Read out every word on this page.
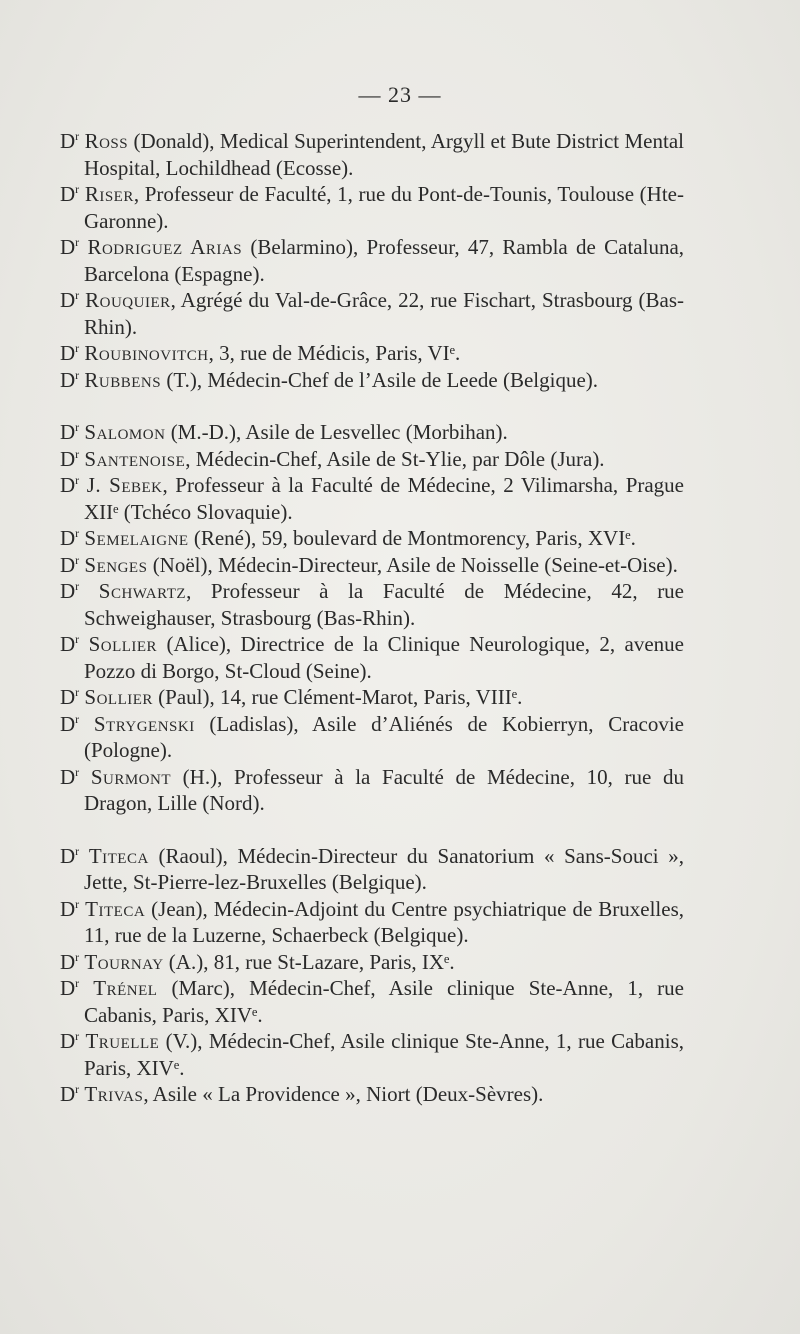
— 23 —

$D^r$ Ross (Donald), Medical Superintendent, Argyll et Bute District Mental Hospital, Lochildhead (Ecosse).

$D^r$ Riser, Professeur de Faculté, 1, rue du Pont-de-Tounis, Toulouse (Hte-Garonne).

$D^r$ Rodriguez Arias (Belarmino), Professeur, 47, Rambla de Cataluna, Barcelona (Espagne).

$D^r$ Rouquier, Agrégé du Val-de-Grâce, 22, rue Fischart, Strasbourg (Bas-Rhin).

$D^r$ Roubinovitch, 3, rue de Médicis, Paris, VIᵉ.

$D^r$ Rubbens (T.), Médecin-Chef de l’Asile de Leede (Belgique).

$D^r$ Salomon (M.-D.), Asile de Lesvellec (Morbihan).

$D^r$ Santenoise, Médecin-Chef, Asile de St-Ylie, par Dôle (Jura).

$D^r$ J. Sebek, Professeur à la Faculté de Médecine, 2 Vilimarsha, Prague XIIᵉ (Tchéco Slovaquie).

$D^r$ Semelaigne (René), 59, boulevard de Montmorency, Paris, XVIᵉ.

$D^r$ Senges (Noël), Médecin-Directeur, Asile de Noisselle (Seine-et-Oise).

$D^r$ Schwartz, Professeur à la Faculté de Médecine, 42, rue Schweighauser, Strasbourg (Bas-Rhin).

$D^r$ Sollier (Alice), Directrice de la Clinique Neurologique, 2, avenue Pozzo di Borgo, St-Cloud (Seine).

$D^r$ Sollier (Paul), 14, rue Clément-Marot, Paris, VIIIᵉ.

$D^r$ Strygenski (Ladislas), Asile d’Aliénés de Kobierryn, Cracovie (Pologne).

$D^r$ Surmont (H.), Professeur à la Faculté de Médecine, 10, rue du Dragon, Lille (Nord).

$D^r$ Titeca (Raoul), Médecin-Directeur du Sanatorium « Sans-Souci », Jette, St-Pierre-lez-Bruxelles (Belgique).

$D^r$ Titeca (Jean), Médecin-Adjoint du Centre psychiatrique de Bruxelles, 11, rue de la Luzerne, Schaerbeck (Belgique).

$D^r$ Tournay (A.), 81, rue St-Lazare, Paris, IXᵉ.

$D^r$ Trénel (Marc), Médecin-Chef, Asile clinique Ste-Anne, 1, rue Cabanis, Paris, XIVᵉ.

$D^r$ Truelle (V.), Médecin-Chef, Asile clinique Ste-Anne, 1, rue Cabanis, Paris, XIVᵉ.

$D^r$ Trivas, Asile « La Providence », Niort (Deux-Sèvres).
